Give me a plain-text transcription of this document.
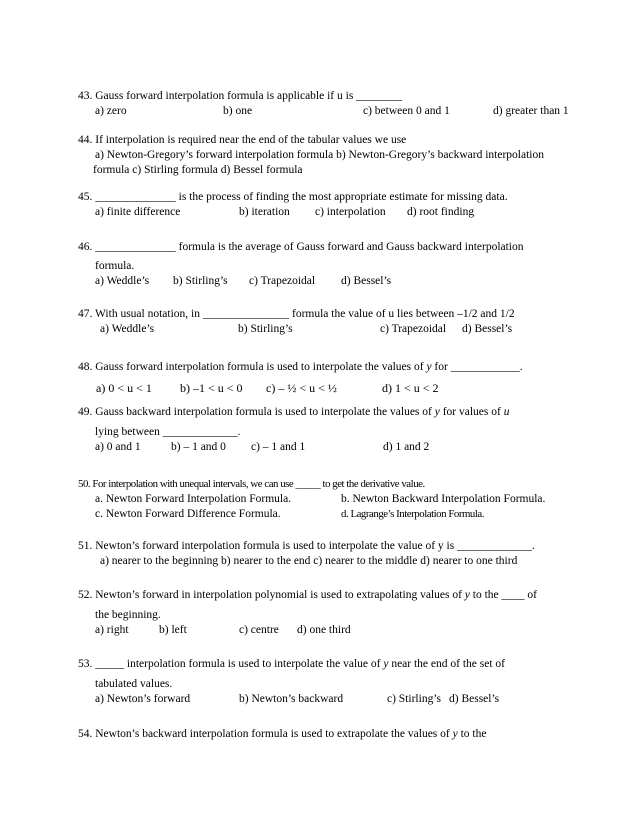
43. Gauss forward interpolation formula is applicable if u is ________
a) zero	b) one	c) between 0 and 1	d) greater than 1
44. If interpolation is required near the end of the tabular values we use
a) Newton-Gregory’s forward interpolation formula b) Newton-Gregory’s backward interpolation
formula c) Stirling formula d) Bessel formula
45. ______________ is the process of finding the most appropriate estimate for missing data.
a) finite difference	b) iteration c) interpolation d) root finding
46. ______________ formula is the average of Gauss forward and Gauss backward interpolation
formula.
a) Weddle’s b) Stirling’s c) Trapezoidal d) Bessel’s
47. With usual notation, in _______________ formula the value of u lies between –1/2 and 1/2
a) Weddle’s	b) Stirling’s	c) Trapezoidal d) Bessel’s
48. Gauss forward interpolation formula is used to interpolate the values of y for ____________.
a) 0 < u < 1 b) –1 < u < 0 c) – ½ < u < ½	d) 1 < u < 2
49. Gauss backward interpolation formula is used to interpolate the values of y for values of u
lying between _____________.
a) 0 and 1	b) – 1 and 0 c) – 1 and 1	d) 1 and 2
50. For interpolation with unequal intervals, we can use _____ to get the derivative value.
a. Newton Forward Interpolation Formula.	b. Newton Backward Interpolation Formula.
c. Newton Forward Difference Formula.	d. Lagrange’s Interpolation Formula.
51. Newton’s forward interpolation formula is used to interpolate the value of y is _____________.
a) nearer to the beginning b) nearer to the end c) nearer to the middle d) nearer to one third
52. Newton’s forward in interpolation polynomial is used to extrapolating values of y to the ____ of
the beginning.
a) right	b) left	c) centre d) one third
53. _____ interpolation formula is used to interpolate the value of y near the end of the set of
tabulated values.
a) Newton’s forward	b) Newton’s backward	c) Stirling’s d) Bessel’s
54. Newton’s backward interpolation formula is used to extrapolate the values of y to the
